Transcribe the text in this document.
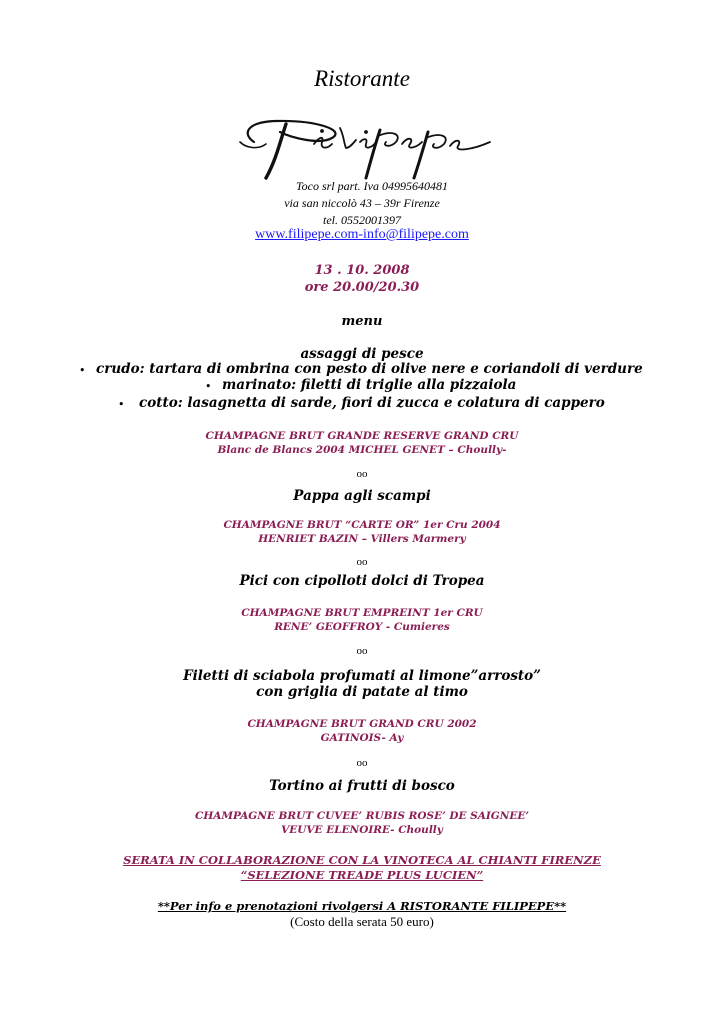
Ristorante
Toco srl part. Iva 04995640481
via san niccolò 43 – 39r Firenze
tel. 0552001397
www.filipepe.com-info@filipepe.com
13 . 10. 2008
ore 20.00/20.30
menu
assaggi di pesce
• crudo: tartara di ombrina con pesto di olive nere e coriandoli di verdure
• marinato: filetti di triglie alla pizzaiola
• cotto: lasagnetta di sarde, fiori di zucca e colatura di cappero
CHAMPAGNE BRUT GRANDE RESERVE GRAND CRU
Blanc de Blancs 2004 MICHEL GENET – Choully-
oo
Pappa agli scampi
CHAMPAGNE BRUT “CARTE OR” 1er Cru 2004
HENRIET BAZIN – Villers Marmery
oo
Pici con cipolloti dolci di Tropea
CHAMPAGNE BRUT EMPREINT 1er CRU
RENE’ GEOFFROY - Cumieres
oo
Filetti di sciabola profumati al limone”arrosto”
con griglia di patate al timo
CHAMPAGNE BRUT GRAND CRU 2002
GATINOIS- Ay
oo
Tortino ai frutti di bosco
CHAMPAGNE BRUT CUVEE’ RUBIS ROSE’ DE SAIGNEE’
VEUVE ELENOIRE- Choully
SERATA IN COLLABORAZIONE CON LA VINOTECA AL CHIANTI FIRENZE
“SELEZIONE TREADE PLUS LUCIEN”
**Per info e prenotazioni rivolgersi A RISTORANTE FILIPEPE**
(Costo della serata 50 euro)
